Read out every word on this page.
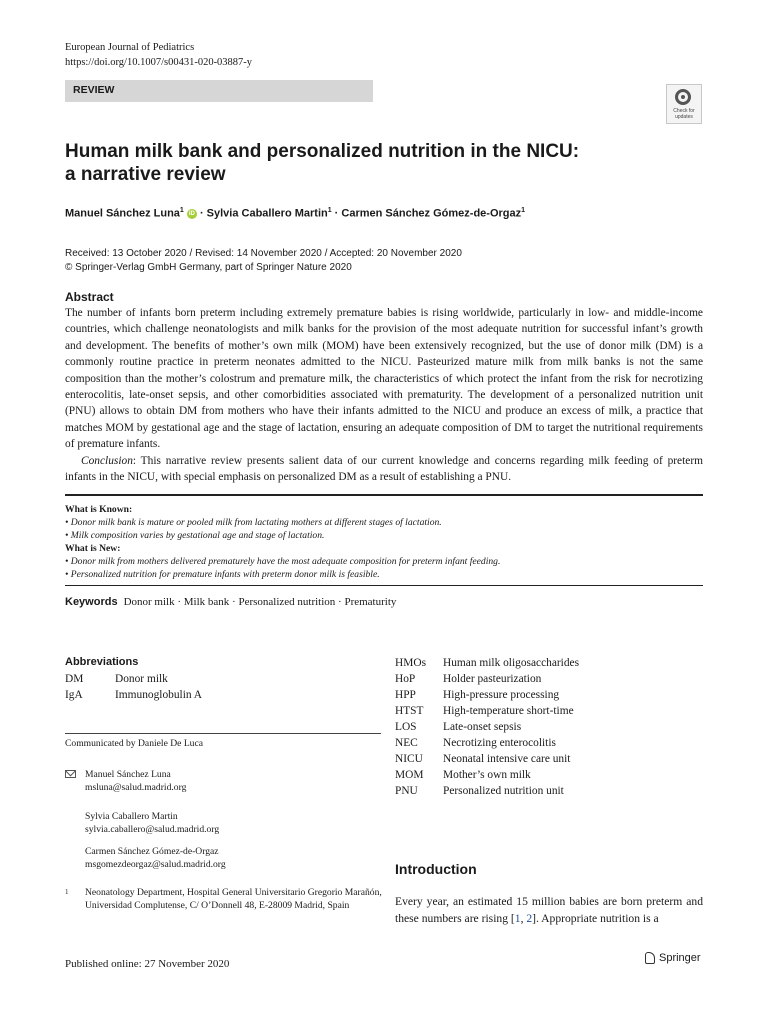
European Journal of Pediatrics
https://doi.org/10.1007/s00431-020-03887-y
REVIEW
Check for updates
Human milk bank and personalized nutrition in the NICU:
a narrative review
Manuel Sánchez Luna$^1$ iD · Sylvia Caballero Martin$^1$ · Carmen Sánchez Gómez-de-Orgaz$^1$
Received: 13 October 2020 / Revised: 14 November 2020 / Accepted: 20 November 2020
© Springer-Verlag GmbH Germany, part of Springer Nature 2020
Abstract

The number of infants born preterm including extremely premature babies is rising worldwide, particularly in low- and middle-income countries, which challenge neonatologists and milk banks for the provision of the most adequate nutrition for successful infant’s growth and development. The benefits of mother’s own milk (MOM) have been extensively recognized, but the use of donor milk (DM) is a commonly routine practice in preterm neonates admitted to the NICU. Pasteurized mature milk from milk banks is not the same composition than the mother’s colostrum and premature milk, the characteristics of which protect the infant from the risk for necrotizing enterocolitis, late-onset sepsis, and other comorbidities associated with prematurity. The development of a personalized nutrition unit (PNU) allows to obtain DM from mothers who have their infants admitted to the NICU and produce an excess of milk, a practice that matches MOM by gestational age and the stage of lactation, ensuring an adequate composition of DM to target the nutritional requirements of premature infants.

Conclusion: This narrative review presents salient data of our current knowledge and concerns regarding milk feeding of preterm infants in the NICU, with special emphasis on personalized DM as a result of establishing a PNU.

What is Known:
• Donor milk bank is mature or pooled milk from lactating mothers at different stages of lactation.
• Milk composition varies by gestational age and stage of lactation.
What is New:
• Donor milk from mothers delivered prematurely have the most adequate composition for preterm infant feeding.
• Personalized nutrition for premature infants with preterm donor milk is feasible.
Keywords Donor milk · Milk bank · Personalized nutrition · Prematurity
Abbreviations
DM	Donor milk
IgA	Immunoglobulin A
HMOs	Human milk oligosaccharides
HoP	Holder pasteurization
HPP	High-pressure processing
HTST	High-temperature short-time
LOS	Late-onset sepsis
NEC	Necrotizing enterocolitis
NICU	Neonatal intensive care unit
MOM	Mother’s own milk
PNU	Personalized nutrition unit
Communicated by Daniele De Luca
Manuel Sánchez Luna
msluna@salud.madrid.org
Sylvia Caballero Martin
sylvia.caballero@salud.madrid.org
Carmen Sánchez Gómez-de-Orgaz
msgomezdeorgaz@salud.madrid.org
1 Neonatology Department, Hospital General Universitario Gregorio Marañón, Universidad Complutense, C/ O’Donnell 48, E-28009 Madrid, Spain
Published online: 27 November 2020
Introduction
Every year, an estimated 15 million babies are born preterm and these numbers are rising [1, 2]. Appropriate nutrition is a
Springer
